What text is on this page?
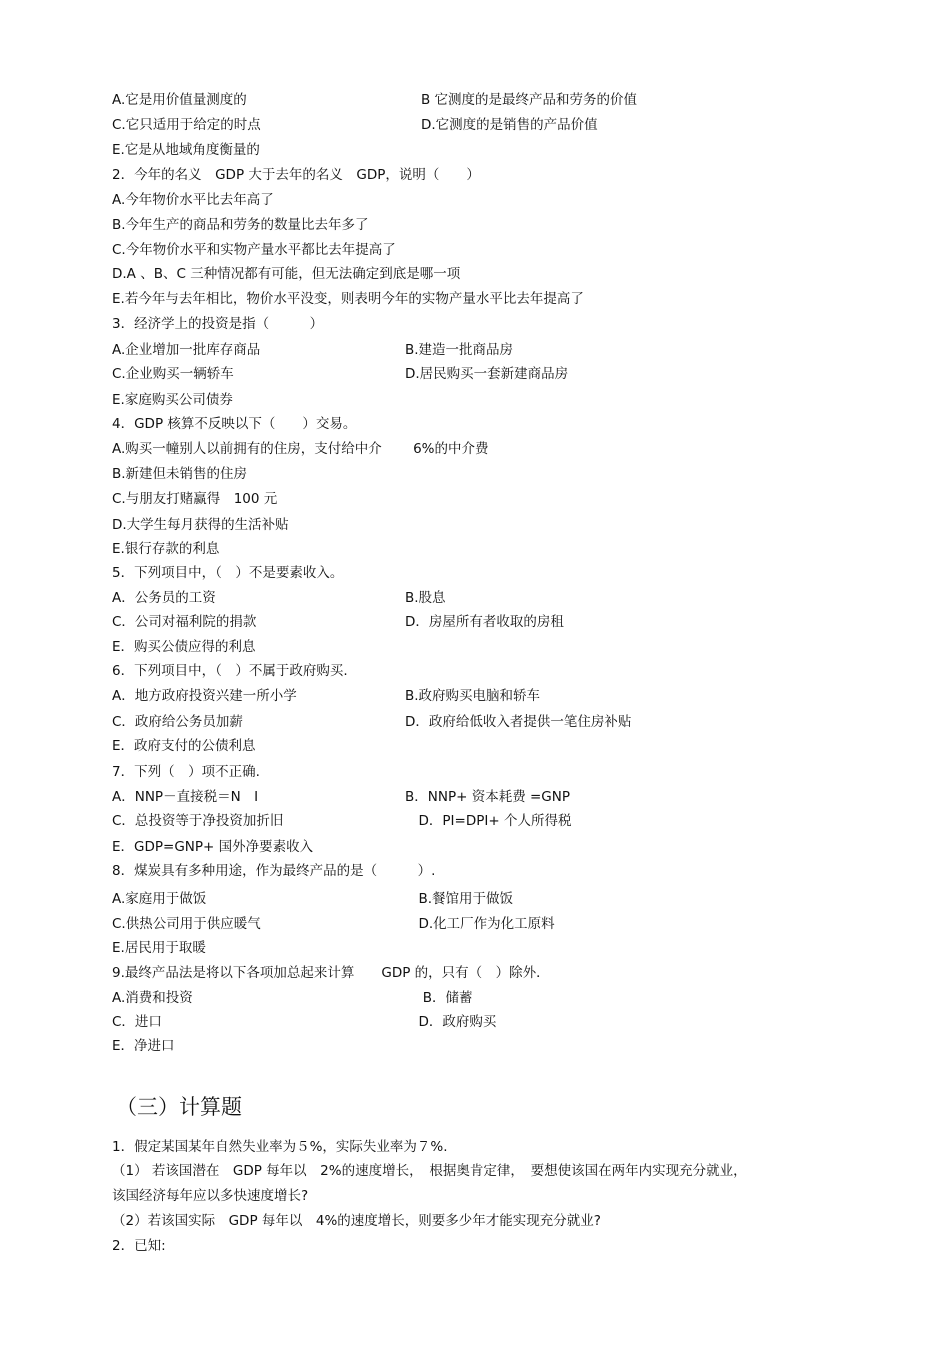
A.它是用价值量测度的	B 它测度的是最终产品和劳务的价值
C.它只适用于给定的时点	D.它测度的是销售的产品价值
E.它是从地域角度衡量的
2．今年的名义　GDP 大于去年的名义　GDP，说明（　　）
A.今年物价水平比去年高了
B.今年生产的商品和劳务的数量比去年多了
C.今年物价水平和实物产量水平都比去年提高了
D.A 、B、C 三种情况都有可能，但无法确定到底是哪一项
E.若今年与去年相比，物价水平没变，则表明今年的实物产量水平比去年提高了
3．经济学上的投资是指（　　　）
A.企业增加一批库存商品	B.建造一批商品房
C.企业购买一辆轿车	D.居民购买一套新建商品房
E.家庭购买公司债券
4．GDP 核算不反映以下（　　）交易。
A.购买一幢别人以前拥有的住房，支付给中介　　 6%的中介费
B.新建但未销售的住房
C.与朋友打赌赢得　100 元
D.大学生每月获得的生活补贴
E.银行存款的利息
5．下列项目中，（　）不是要素收入。
A．公务员的工资	B.股息
C．公司对福利院的捐款	D．房屋所有者收取的房租
E．购买公债应得的利息
6．下列项目中，（　）不属于政府购买.
A．地方政府投资兴建一所小学	B.政府购买电脑和轿车
C．政府给公务员加薪	D．政府给低收入者提供一笔住房补贴
E．政府支付的公债利息
7．下列（　）项不正确.
A．NNP－直接税＝N　I	B．NNP+ 资本耗费 =GNP
C．总投资等于净投资加折旧	　D．PI=DPI+ 个人所得税
E．GDP=GNP+ 国外净要素收入
8．煤炭具有多种用途，作为最终产品的是（　　　）.
A.家庭用于做饭	　B.餐馆用于做饭
C.供热公司用于供应暖气	　D.化工厂作为化工原料
E.居民用于取暖
9.最终产品法是将以下各项加总起来计算　　GDP 的，只有（　）除外．
A.消费和投资	　 B．储蓄
C．进口	　D．政府购买
E．净进口
（三）计算题
1．假定某国某年自然失业率为５%，实际失业率为７%.
（1） 若该国潜在　GDP 每年以　2%的速度增长，　根据奥肯定律，　要想使该国在两年内实现充分就业，
该国经济每年应以多快速度增长?
（2）若该国实际　GDP 每年以　4%的速度增长，则要多少年才能实现充分就业?
2．已知:
